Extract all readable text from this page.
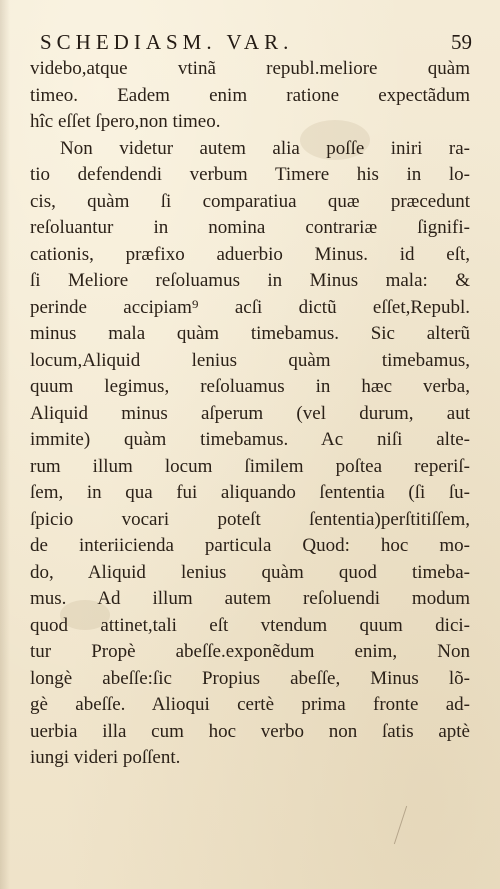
SCHEDIASM. VAR.	59
videbo,atque vtinã republ.meliore quàm
timeo. Eadem enim ratione expectãdum
hîc eſſet ſpero,non timeo.
Non videtur autem alia poſſe iniri ra-
tio defendendi verbum Timere his in lo-
cis, quàm ſi comparatiua quæ præcedunt
reſoluantur in nomina contrariæ ſignifi-
cationis, præfixo aduerbio Minus. id eſt,
ſi Meliore reſoluamus in Minus mala: &
perinde accipiam⁹ acſi dictũ eſſet,Republ.
minus mala quàm timebamus. Sic alterũ
locum,Aliquid lenius quàm timebamus,
quum legimus, reſoluamus in hæc verba,
Aliquid minus aſperum (vel durum, aut
immite) quàm timebamus. Ac niſi alte-
rum illum locum ſimilem poſtea reperiſ-
ſem, in qua fui aliquando ſententia (ſi ſu-
ſpicio vocari poteſt ſententia)perſtitiſſem,
de interiicienda particula Quod: hoc mo-
do, Aliquid lenius quàm quod timeba-
mus. Ad illum autem reſoluendi modum
quod attinet,tali eſt vtendum quum dici-
tur Propè abeſſe.exponẽdum enim, Non
longè abeſſe:ſic Propius abeſſe, Minus lõ-
gè abeſſe. Alioqui certè prima fronte ad-
uerbia illa cum hoc verbo non ſatis aptè
iungi videri poſſent.
